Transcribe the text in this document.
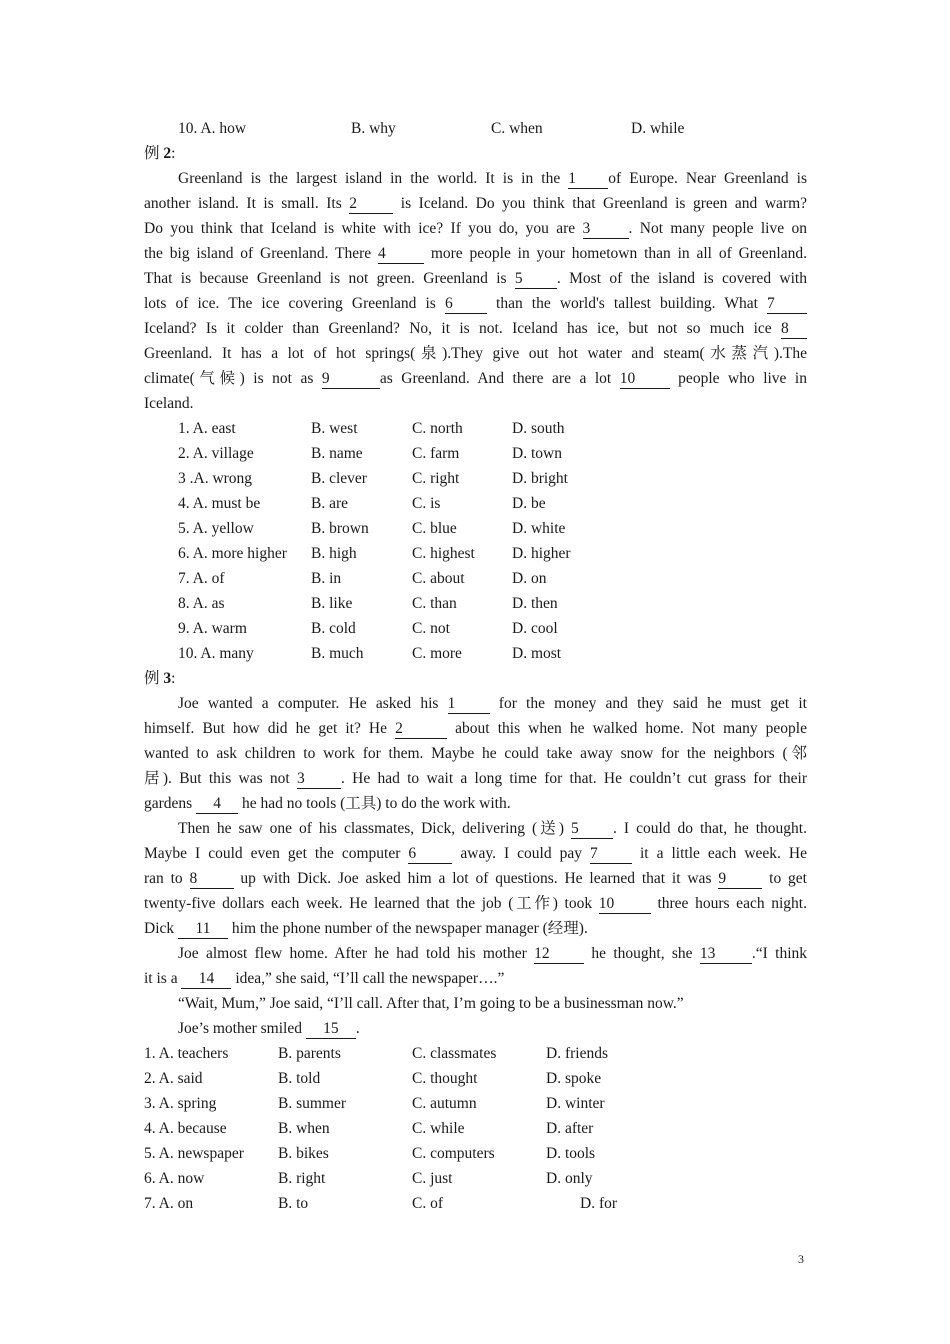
10. A. how	B. why	C. when	D. while
例 2:
Greenland is the largest island in the world. It is in the 1 of Europe. Near Greenland is
another island. It is small. Its 2 is Iceland. Do you think that Greenland is green and warm?
Do you think that Iceland is white with ice? If you do, you are 3 . Not many people live on
the big island of Greenland. There 4 more people in your hometown than in all of Greenland.
That is because Greenland is not green. Greenland is 5 . Most of the island is covered with
lots of ice. The ice covering Greenland is 6 than the world's tallest building. What 7
Iceland? Is it colder than Greenland? No, it is not. Iceland has ice, but not so much ice 8
Greenland. It has a lot of hot springs(泉).They give out hot water and steam(水蒸汽).The
climate(气候) is not as 9	as Greenland. And there are a lot 10 people who live in
Iceland.
1. A. east	B. west	C. north	D. south
2. A. village	B. name	C. farm	D. town
3 .A. wrong	B. clever	C. right	D. bright
4. A. must be	B. are	C. is	D. be
5. A. yellow	B. brown	C. blue	D. white
6. A. more higher B. high	C. highest D. higher
7. A. of	B. in	C. about	D. on
8. A. as	B. like	C. than	D. then
9. A. warm	B. cold	C. not	D. cool
10. A. many	B. much	C. more	D. most
例 3:
Joe wanted a computer. He asked his 1 for the money and they said he must get it
himself. But how did he get it? He 2	about this when he walked home. Not many people
wanted to ask children to work for them. Maybe he could take away snow for the neighbors (邻
居). But this was not 3 . He had to wait a long time for that. He couldn’t cut grass for their
gardens 4 he had no tools (工具) to do the work with.
Then he saw one of his classmates, Dick, delivering (送) 5 . I could do that, he thought.
Maybe I could even get the computer 6 away. I could pay 7 it a little each week. He
ran to 8 up with Dick. Joe asked him a lot of questions. He learned that it was 9 to get
twenty-five dollars each week. He learned that the job (工作) took 10 three hours each night.
Dick 11 him the phone number of the newspaper manager (经理).
Joe almost flew home. After he had told his mother 12 he thought, she 13 .“I think
it is a 14 idea,” she said, “I’ll call the newspaper….”
“Wait, Mum,” Joe said, “I’ll call. After that, I’m going to be a businessman now.”
Joe’s mother smiled 15 .
1. A. teachers	B. parents	C. classmates	D. friends
2. A. said	B. told	C. thought	D. spoke
3. A. spring	B. summer	C. autumn	D. winter
4. A. because	B. when	C. while	D. after
5. A. newspaper B. bikes	C. computers	D. tools
6. A. now	B. right	C. just	D. only
7. A. on	B. to	C. of	D. for
3
